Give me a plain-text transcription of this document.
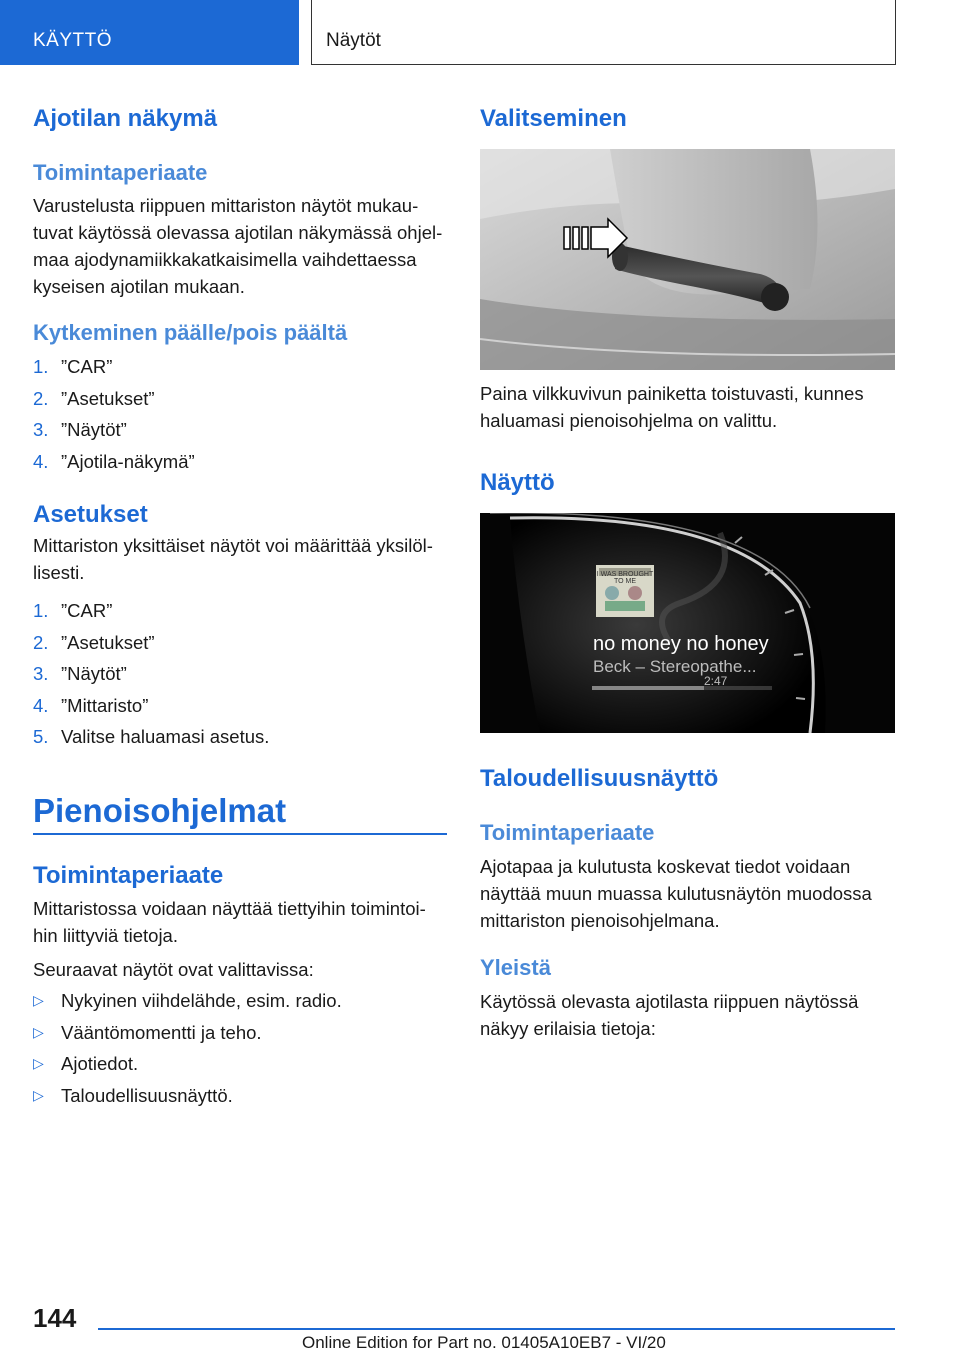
KÄYTTÖ	Näytöt
Ajotilan näkymä
Toimintaperiaate
Varustelusta riippuen mittariston näytöt mukau-
tuvat käytössä olevassa ajotilan näkymässä ohjel-
maa ajodynamiikkakatkaisimella vaihdettaessa
kyseisen ajotilan mukaan.
Kytkeminen päälle/pois päältä
1. ”CAR”
2. ”Asetukset”
3. ”Näytöt”
4. ”Ajotila-näkymä”
Asetukset
Mittariston yksittäiset näytöt voi määrittää yksilöl-
lisesti.
1. ”CAR”
2. ”Asetukset”
3. ”Näytöt”
4. ”Mittaristo”
5. Valitse haluamasi asetus.
Pienoisohjelmat
Toimintaperiaate
Mittaristossa voidaan näyttää tiettyihin toimintoi-
hin liittyviä tietoja.
Seuraavat näytöt ovat valittavissa:
▷ Nykyinen viihdelähde, esim. radio.
▷ Vääntömomentti ja teho.
▷ Ajotiedot.
▷ Taloudellisuusnäyttö.
Valitseminen
Paina vilkkuvivun painiketta toistuvasti, kunnes
haluamasi pienoisohjelma on valittu.
Näyttö
I WAS BROUGHT TO ME
no money no honey
Beck – Stereopathe...
2:47
Taloudellisuusnäyttö
Toimintaperiaate
Ajotapaa ja kulutusta koskevat tiedot voidaan
näyttää muun muassa kulutusnäytön muodossa
mittariston pienoisohjelmana.
Yleistä
Käytössä olevasta ajotilasta riippuen näytössä
näkyy erilaisia tietoja:
144
Online Edition for Part no. 01405A10EB7 - VI/20
